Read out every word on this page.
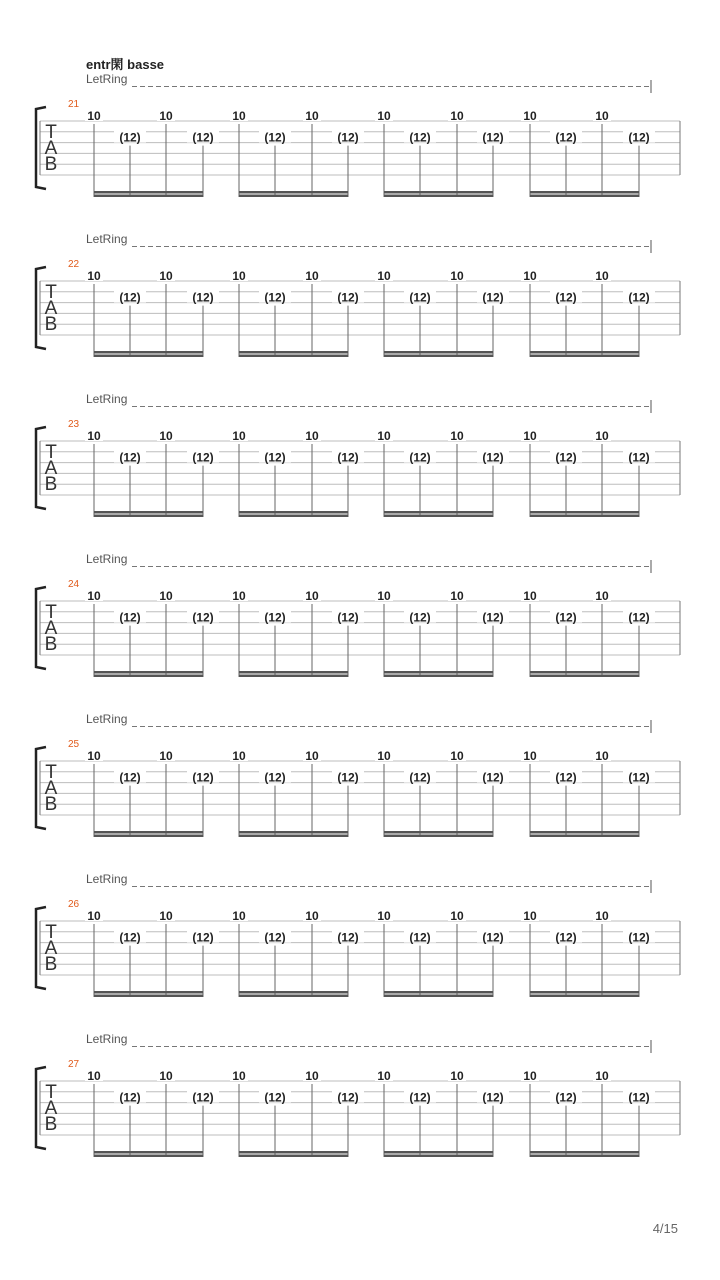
entr閑 basse
LetRing
21
T
A
B
10
(12)
10
(12)
10
(12)
10
(12)
10
(12)
10
(12)
10
(12)
10
(12)
LetRing
22
T
A
B
10
(12)
10
(12)
10
(12)
10
(12)
10
(12)
10
(12)
10
(12)
10
(12)
LetRing
23
T
A
B
10
(12)
10
(12)
10
(12)
10
(12)
10
(12)
10
(12)
10
(12)
10
(12)
LetRing
24
T
A
B
10
(12)
10
(12)
10
(12)
10
(12)
10
(12)
10
(12)
10
(12)
10
(12)
LetRing
25
T
A
B
10
(12)
10
(12)
10
(12)
10
(12)
10
(12)
10
(12)
10
(12)
10
(12)
LetRing
26
T
A
B
10
(12)
10
(12)
10
(12)
10
(12)
10
(12)
10
(12)
10
(12)
10
(12)
LetRing
27
T
A
B
10
(12)
10
(12)
10
(12)
10
(12)
10
(12)
10
(12)
10
(12)
10
(12)
4/15
